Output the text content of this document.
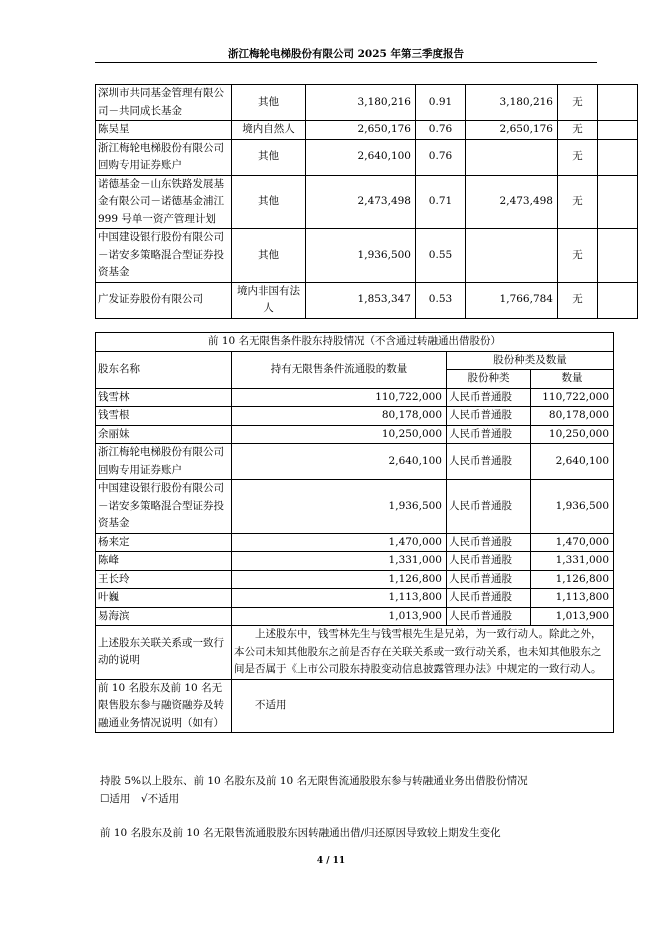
浙江梅轮电梯股份有限公司 2025 年第三季度报告
深圳市共同基金管理有限公司－共同成长基金	其他	3,180,216	0.91	3,180,216	无	
陈吴星	境内自然人	2,650,176	0.76	2,650,176	无	
浙江梅轮电梯股份有限公司回购专用证券账户	其他	2,640,100	0.76		无	
诺德基金－山东铁路发展基金有限公司－诺德基金浦江 999 号单一资产管理计划	其他	2,473,498	0.71	2,473,498	无	
中国建设银行股份有限公司－诺安多策略混合型证券投资基金	其他	1,936,500	0.55		无	
广发证券股份有限公司	境内非国有法人	1,853,347	0.53	1,766,784	无	
前 10 名无限售条件股东持股情况（不含通过转融通出借股份）			
股东名称	持有无限售条件流通股的数量	股份种类及数量	
		股份种类	数量
钱雪林	110,722,000	人民币普通股	110,722,000
钱雪根	80,178,000	人民币普通股	80,178,000
余丽妹	10,250,000	人民币普通股	10,250,000
浙江梅轮电梯股份有限公司回购专用证券账户	2,640,100	人民币普通股	2,640,100
中国建设银行股份有限公司－诺安多策略混合型证券投资基金	1,936,500	人民币普通股	1,936,500
杨来定	1,470,000	人民币普通股	1,470,000
陈峰	1,331,000	人民币普通股	1,331,000
王长玲	1,126,800	人民币普通股	1,126,800
叶巍	1,113,800	人民币普通股	1,113,800
易海滨	1,013,900	人民币普通股	1,013,900
上述股东关联关系或一致行动的说明	上述股东中，钱雪林先生与钱雪根先生是兄弟，为一致行动人。除此之外，本公司未知其他股东之前是否存在关联关系或一致行动关系，也未知其他股东之间是否属于《上市公司股东持股变动信息披露管理办法》中规定的一致行动人。		
前 10 名股东及前 10 名无限售股东参与融资融券及转融通业务情况说明（如有）	不适用		
持股 5%以上股东、前 10 名股东及前 10 名无限售流通股股东参与转融通业务出借股份情况
☐适用　√不适用
前 10 名股东及前 10 名无限售流通股股东因转融通出借/归还原因导致较上期发生变化
4 / 11
